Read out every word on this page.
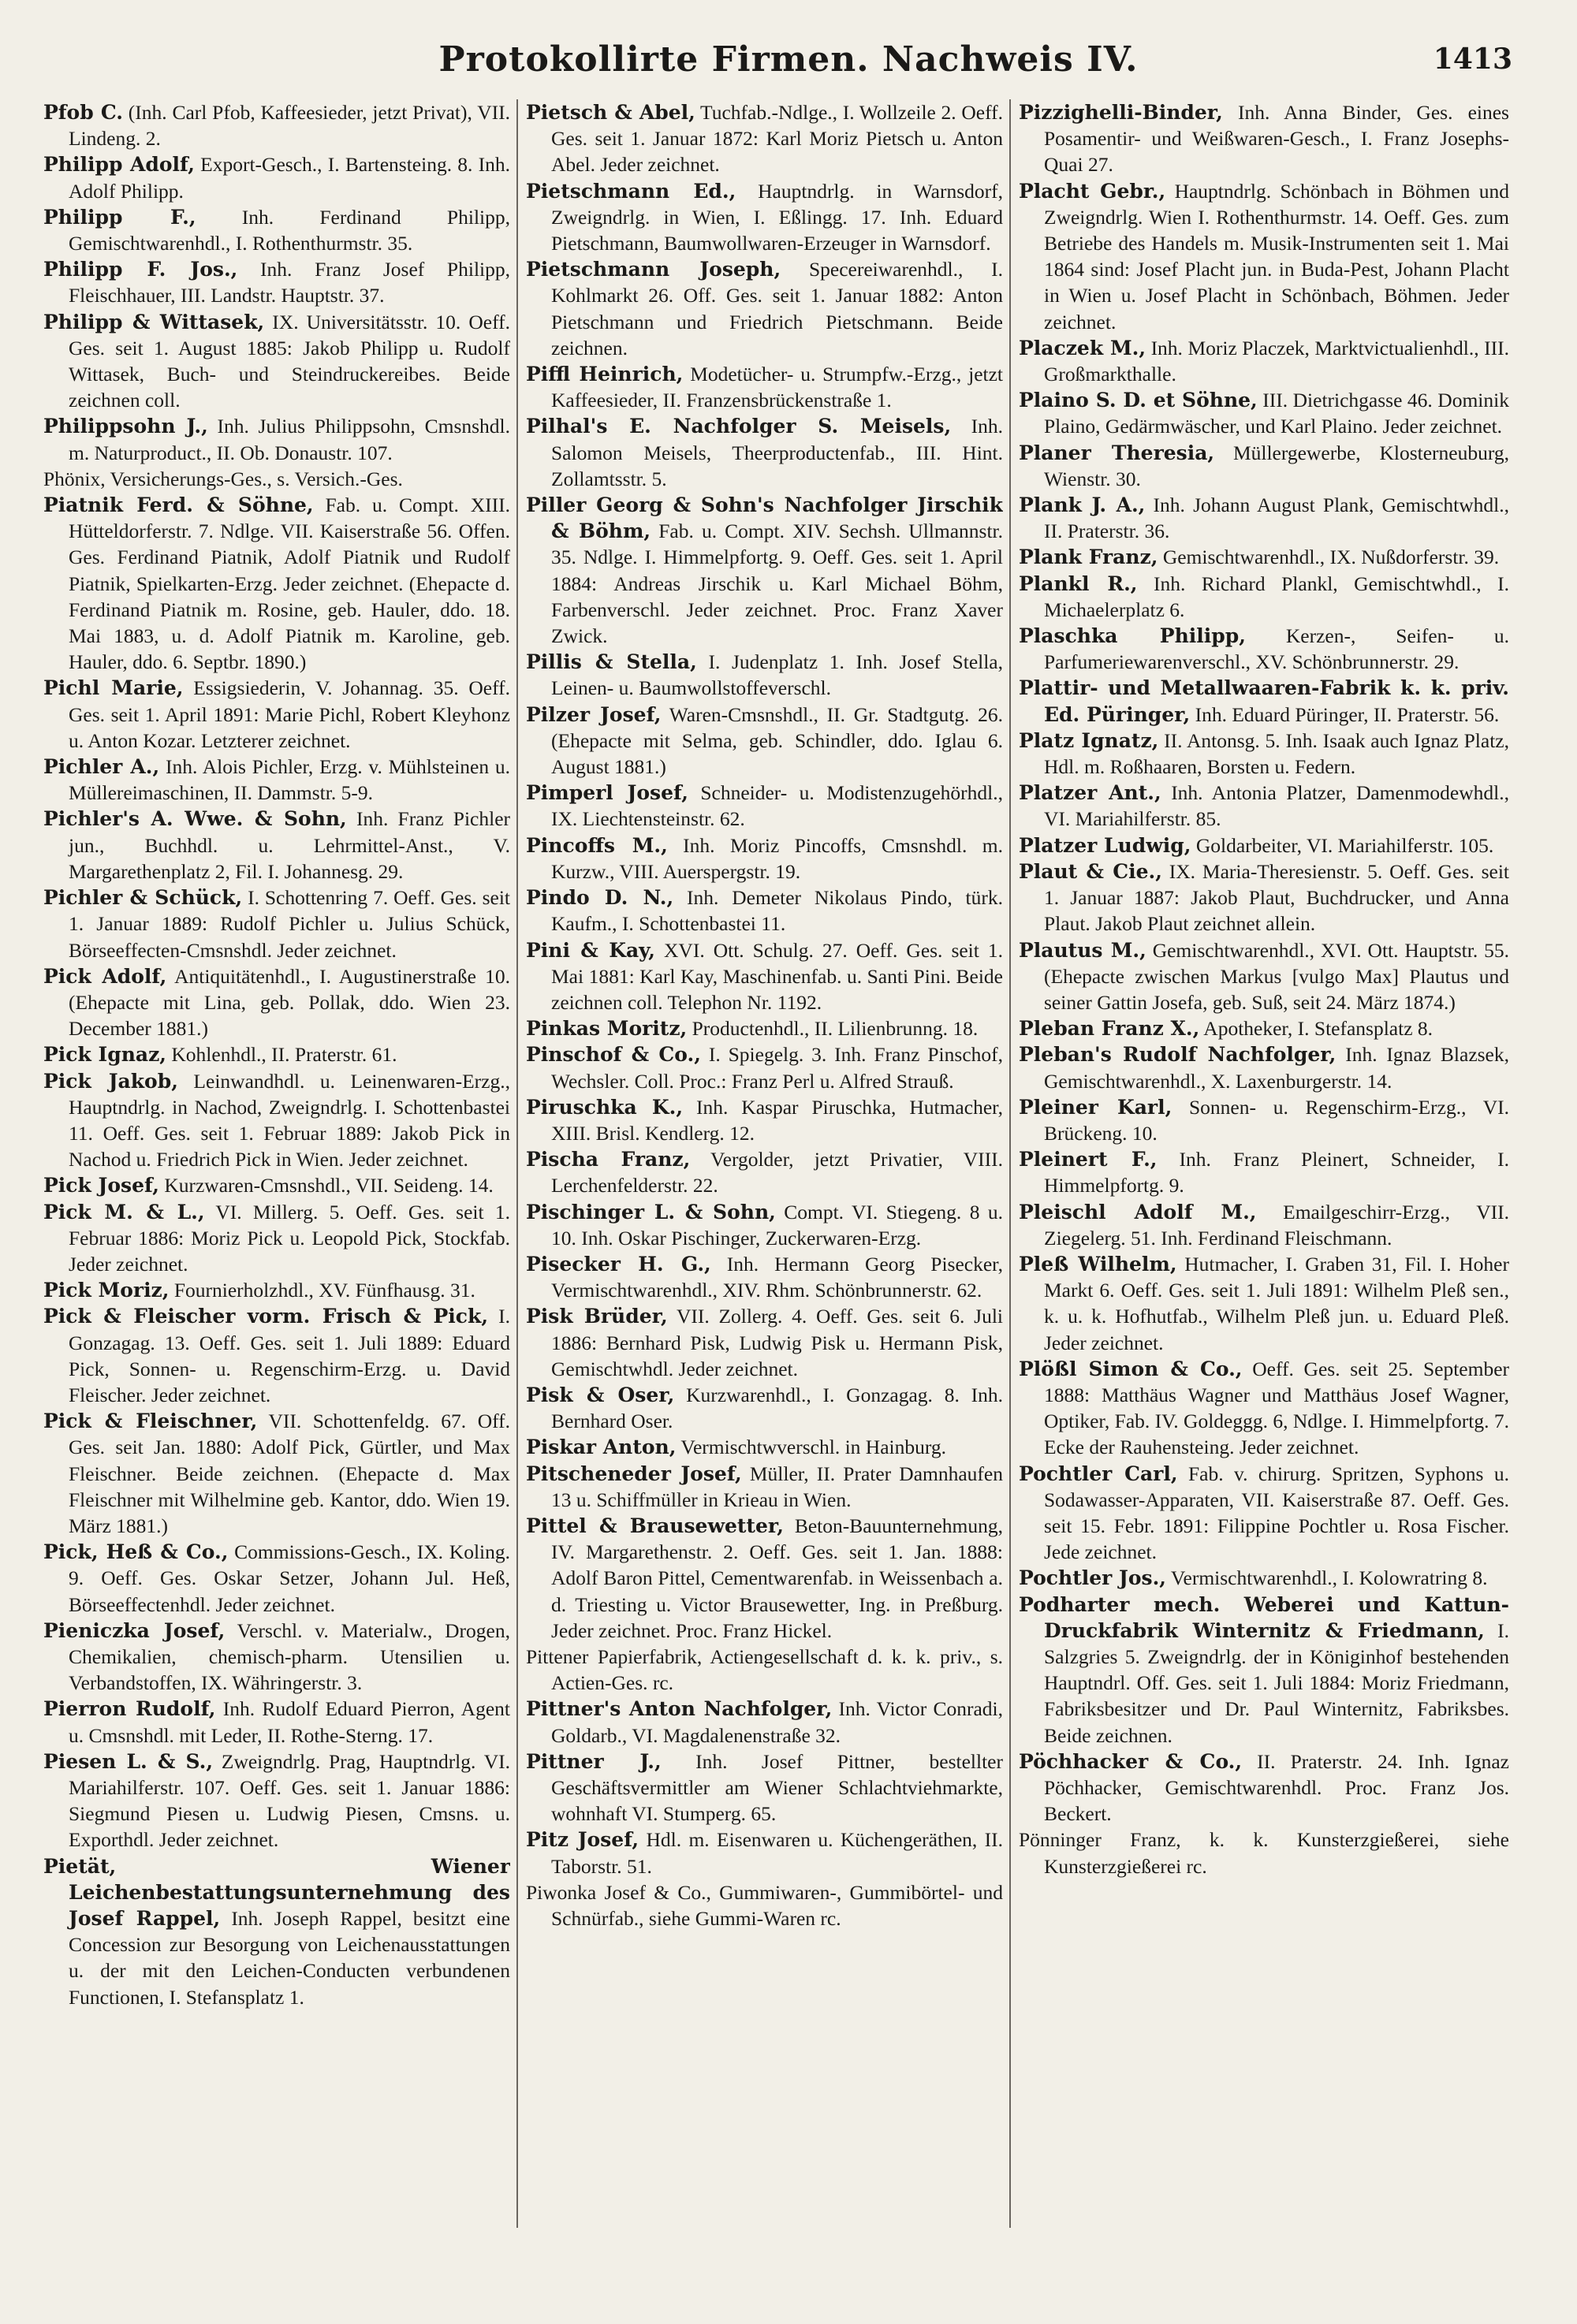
Protokollirte Firmen. Nachweis IV.	1413
Pfob C. (Inh. Carl Pfob, Kaffeesieder, jetzt Privat), VII. Lindeng. 2.
Philipp Adolf, Export-Gesch., I. Bartensteing. 8. Inh. Adolf Philipp.
Philipp F., Inh. Ferdinand Philipp, Gemischtwarenhdl., I. Rothenthurmstr. 35.
Philipp F. Jos., Inh. Franz Josef Philipp, Fleischhauer, III. Landstr. Hauptstr. 37.
Philipp & Wittasek, IX. Universitätsstr. 10. Oeff. Ges. seit 1. August 1885: Jakob Philipp u. Rudolf Wittasek, Buch- und Steindruckereibes. Beide zeichnen coll.
Philippsohn J., Inh. Julius Philippsohn, Cmsnshdl. m. Naturproduct., II. Ob. Donaustr. 107.
Phönix, Versicherungs-Ges., s. Versich.-Ges.
Piatnik Ferd. & Söhne, Fab. u. Compt. XIII. Hütteldorferstr. 7. Ndlge. VII. Kaiserstraße 56. Offen. Ges. Ferdinand Piatnik, Adolf Piatnik und Rudolf Piatnik, Spielkarten-Erzg. Jeder zeichnet. (Ehepacte d. Ferdinand Piatnik m. Rosine, geb. Hauler, ddo. 18. Mai 1883, u. d. Adolf Piatnik m. Karoline, geb. Hauler, ddo. 6. Septbr. 1890.)
Pichl Marie, Essigsiederin, V. Johannag. 35. Oeff. Ges. seit 1. April 1891: Marie Pichl, Robert Kleyhonz u. Anton Kozar. Letzterer zeichnet.
Pichler A., Inh. Alois Pichler, Erzg. v. Mühlsteinen u. Müllereimaschinen, II. Dammstr. 5-9.
Pichler's A. Wwe. & Sohn, Inh. Franz Pichler jun., Buchhdl. u. Lehrmittel-Anst., V. Margarethenplatz 2, Fil. I. Johannesg. 29.
Pichler & Schück, I. Schottenring 7. Oeff. Ges. seit 1. Januar 1889: Rudolf Pichler u. Julius Schück, Börseeffecten-Cmsnshdl. Jeder zeichnet.
Pick Adolf, Antiquitätenhdl., I. Augustinerstraße 10. (Ehepacte mit Lina, geb. Pollak, ddo. Wien 23. December 1881.)
Pick Ignaz, Kohlenhdl., II. Praterstr. 61.
Pick Jakob, Leinwandhdl. u. Leinenwaren-Erzg., Hauptndrlg. in Nachod, Zweigndrlg. I. Schottenbastei 11. Oeff. Ges. seit 1. Februar 1889: Jakob Pick in Nachod u. Friedrich Pick in Wien. Jeder zeichnet.
Pick Josef, Kurzwaren-Cmsnshdl., VII. Seideng. 14.
Pick M. & L., VI. Millerg. 5. Oeff. Ges. seit 1. Februar 1886: Moriz Pick u. Leopold Pick, Stockfab. Jeder zeichnet.
Pick Moriz, Fournierholzhdl., XV. Fünfhausg. 31.
Pick & Fleischer vorm. Frisch & Pick, I. Gonzagag. 13. Oeff. Ges. seit 1. Juli 1889: Eduard Pick, Sonnen- u. Regenschirm-Erzg. u. David Fleischer. Jeder zeichnet.
Pick & Fleischner, VII. Schottenfeldg. 67. Off. Ges. seit Jan. 1880: Adolf Pick, Gürtler, und Max Fleischner. Beide zeichnen. (Ehepacte d. Max Fleischner mit Wilhelmine geb. Kantor, ddo. Wien 19. März 1881.)
Pick, Heß & Co., Commissions-Gesch., IX. Koling. 9. Oeff. Ges. Oskar Setzer, Johann Jul. Heß, Börseeffectenhdl. Jeder zeichnet.
Pieniczka Josef, Verschl. v. Materialw., Drogen, Chemikalien, chemisch-pharm. Utensilien u. Verbandstoffen, IX. Währingerstr. 3.
Pierron Rudolf, Inh. Rudolf Eduard Pierron, Agent u. Cmsnshdl. mit Leder, II. Rothe-Sterng. 17.
Piesen L. & S., Zweigndrlg. Prag, Hauptndrlg. VI. Mariahilferstr. 107. Oeff. Ges. seit 1. Januar 1886: Siegmund Piesen u. Ludwig Piesen, Cmsns. u. Exporthdl. Jeder zeichnet.
Pietät, Wiener Leichenbestattungsunternehmung des Josef Rappel, Inh. Joseph Rappel, besitzt eine Concession zur Besorgung von Leichenausstattungen u. der mit den Leichen-Conducten verbundenen Functionen, I. Stefansplatz 1.
Pietsch & Abel, Tuchfab.-Ndlge., I. Wollzeile 2. Oeff. Ges. seit 1. Januar 1872: Karl Moriz Pietsch u. Anton Abel. Jeder zeichnet.
Pietschmann Ed., Hauptndrlg. in Warnsdorf, Zweigndrlg. in Wien, I. Eßlingg. 17. Inh. Eduard Pietschmann, Baumwollwaren-Erzeuger in Warnsdorf.
Pietschmann Joseph, Specereiwarenhdl., I. Kohlmarkt 26. Off. Ges. seit 1. Januar 1882: Anton Pietschmann und Friedrich Pietschmann. Beide zeichnen.
Piffl Heinrich, Modetücher- u. Strumpfw.-Erzg., jetzt Kaffeesieder, II. Franzensbrückenstraße 1.
Pilhal's E. Nachfolger S. Meisels, Inh. Salomon Meisels, Theerproductenfab., III. Hint. Zollamtsstr. 5.
Piller Georg & Sohn's Nachfolger Jirschik & Böhm, Fab. u. Compt. XIV. Sechsh. Ullmannstr. 35. Ndlge. I. Himmelpfortg. 9. Oeff. Ges. seit 1. April 1884: Andreas Jirschik u. Karl Michael Böhm, Farbenverschl. Jeder zeichnet. Proc. Franz Xaver Zwick.
Pillis & Stella, I. Judenplatz 1. Inh. Josef Stella, Leinen- u. Baumwollstoffeverschl.
Pilzer Josef, Waren-Cmsnshdl., II. Gr. Stadtgutg. 26. (Ehepacte mit Selma, geb. Schindler, ddo. Iglau 6. August 1881.)
Pimperl Josef, Schneider- u. Modistenzugehörhdl., IX. Liechtensteinstr. 62.
Pincoffs M., Inh. Moriz Pincoffs, Cmsnshdl. m. Kurzw., VIII. Auerspergstr. 19.
Pindo D. N., Inh. Demeter Nikolaus Pindo, türk. Kaufm., I. Schottenbastei 11.
Pini & Kay, XVI. Ott. Schulg. 27. Oeff. Ges. seit 1. Mai 1881: Karl Kay, Maschinenfab. u. Santi Pini. Beide zeichnen coll. Telephon Nr. 1192.
Pinkas Moritz, Productenhdl., II. Lilienbrunng. 18.
Pinschof & Co., I. Spiegelg. 3. Inh. Franz Pinschof, Wechsler. Coll. Proc.: Franz Perl u. Alfred Strauß.
Piruschka K., Inh. Kaspar Piruschka, Hutmacher, XIII. Brisl. Kendlerg. 12.
Pischa Franz, Vergolder, jetzt Privatier, VIII. Lerchenfelderstr. 22.
Pischinger L. & Sohn, Compt. VI. Stiegeng. 8 u. 10. Inh. Oskar Pischinger, Zuckerwaren-Erzg.
Pisecker H. G., Inh. Hermann Georg Pisecker, Vermischtwarenhdl., XIV. Rhm. Schönbrunnerstr. 62.
Pisk Brüder, VII. Zollerg. 4. Oeff. Ges. seit 6. Juli 1886: Bernhard Pisk, Ludwig Pisk u. Hermann Pisk, Gemischtwhdl. Jeder zeichnet.
Pisk & Oser, Kurzwarenhdl., I. Gonzagag. 8. Inh. Bernhard Oser.
Piskar Anton, Vermischtwverschl. in Hainburg.
Pitscheneder Josef, Müller, II. Prater Damnhaufen 13 u. Schiffmüller in Krieau in Wien.
Pittel & Brausewetter, Beton-Bauunternehmung, IV. Margarethenstr. 2. Oeff. Ges. seit 1. Jan. 1888: Adolf Baron Pittel, Cementwarenfab. in Weissenbach a. d. Triesting u. Victor Brausewetter, Ing. in Preßburg. Jeder zeichnet. Proc. Franz Hickel.
Pittener Papierfabrik, Actiengesellschaft d. k. k. priv., s. Actien-Ges. rc.
Pittner's Anton Nachfolger, Inh. Victor Conradi, Goldarb., VI. Magdalenenstraße 32.
Pittner J., Inh. Josef Pittner, bestellter Geschäftsvermittler am Wiener Schlachtviehmarkte, wohnhaft VI. Stumperg. 65.
Pitz Josef, Hdl. m. Eisenwaren u. Küchengeräthen, II. Taborstr. 51.
Piwonka Josef & Co., Gummiwaren-, Gummibörtel- und Schnürfab., siehe Gummi-Waren rc.
Pizzighelli-Binder, Inh. Anna Binder, Ges. eines Posamentir- und Weißwaren-Gesch., I. Franz Josephs-Quai 27.
Placht Gebr., Hauptndrlg. Schönbach in Böhmen und Zweigndrlg. Wien I. Rothenthurmstr. 14. Oeff. Ges. zum Betriebe des Handels m. Musik-Instrumenten seit 1. Mai 1864 sind: Josef Placht jun. in Buda-Pest, Johann Placht in Wien u. Josef Placht in Schönbach, Böhmen. Jeder zeichnet.
Placzek M., Inh. Moriz Placzek, Marktvictualienhdl., III. Großmarkthalle.
Plaino S. D. et Söhne, III. Dietrichgasse 46. Dominik Plaino, Gedärmwäscher, und Karl Plaino. Jeder zeichnet.
Planer Theresia, Müllergewerbe, Klosterneuburg, Wienstr. 30.
Plank J. A., Inh. Johann August Plank, Gemischtwhdl., II. Praterstr. 36.
Plank Franz, Gemischtwarenhdl., IX. Nußdorferstr. 39.
Plankl R., Inh. Richard Plankl, Gemischtwhdl., I. Michaelerplatz 6.
Plaschka Philipp, Kerzen-, Seifen- u. Parfumeriewarenverschl., XV. Schönbrunnerstr. 29.
Plattir- und Metallwaaren-Fabrik k. k. priv. Ed. Püringer, Inh. Eduard Püringer, II. Praterstr. 56.
Platz Ignatz, II. Antonsg. 5. Inh. Isaak auch Ignaz Platz, Hdl. m. Roßhaaren, Borsten u. Federn.
Platzer Ant., Inh. Antonia Platzer, Damenmodewhdl., VI. Mariahilferstr. 85.
Platzer Ludwig, Goldarbeiter, VI. Mariahilferstr. 105.
Plaut & Cie., IX. Maria-Theresienstr. 5. Oeff. Ges. seit 1. Januar 1887: Jakob Plaut, Buchdrucker, und Anna Plaut. Jakob Plaut zeichnet allein.
Plautus M., Gemischtwarenhdl., XVI. Ott. Hauptstr. 55. (Ehepacte zwischen Markus [vulgo Max] Plautus und seiner Gattin Josefa, geb. Suß, seit 24. März 1874.)
Pleban Franz X., Apotheker, I. Stefansplatz 8.
Pleban's Rudolf Nachfolger, Inh. Ignaz Blazsek, Gemischtwarenhdl., X. Laxenburgerstr. 14.
Pleiner Karl, Sonnen- u. Regenschirm-Erzg., VI. Brückeng. 10.
Pleinert F., Inh. Franz Pleinert, Schneider, I. Himmelpfortg. 9.
Pleischl Adolf M., Emailgeschirr-Erzg., VII. Ziegelerg. 51. Inh. Ferdinand Fleischmann.
Pleß Wilhelm, Hutmacher, I. Graben 31, Fil. I. Hoher Markt 6. Oeff. Ges. seit 1. Juli 1891: Wilhelm Pleß sen., k. u. k. Hofhutfab., Wilhelm Pleß jun. u. Eduard Pleß. Jeder zeichnet.
Plößl Simon & Co., Oeff. Ges. seit 25. September 1888: Matthäus Wagner und Matthäus Josef Wagner, Optiker, Fab. IV. Goldeggg. 6, Ndlge. I. Himmelpfortg. 7. Ecke der Rauhensteing. Jeder zeichnet.
Pochtler Carl, Fab. v. chirurg. Spritzen, Syphons u. Sodawasser-Apparaten, VII. Kaiserstraße 87. Oeff. Ges. seit 15. Febr. 1891: Filippine Pochtler u. Rosa Fischer. Jede zeichnet.
Pochtler Jos., Vermischtwarenhdl., I. Kolowratring 8.
Podharter mech. Weberei und Kattun-Druckfabrik Winternitz & Friedmann, I. Salzgries 5. Zweigndrlg. der in Königinhof bestehenden Hauptndrl. Off. Ges. seit 1. Juli 1884: Moriz Friedmann, Fabriksbesitzer und Dr. Paul Winternitz, Fabriksbes. Beide zeichnen.
Pöchhacker & Co., II. Praterstr. 24. Inh. Ignaz Pöchhacker, Gemischtwarenhdl. Proc. Franz Jos. Beckert.
Pönninger Franz, k. k. Kunsterzgießerei, siehe Kunsterzgießerei rc.
